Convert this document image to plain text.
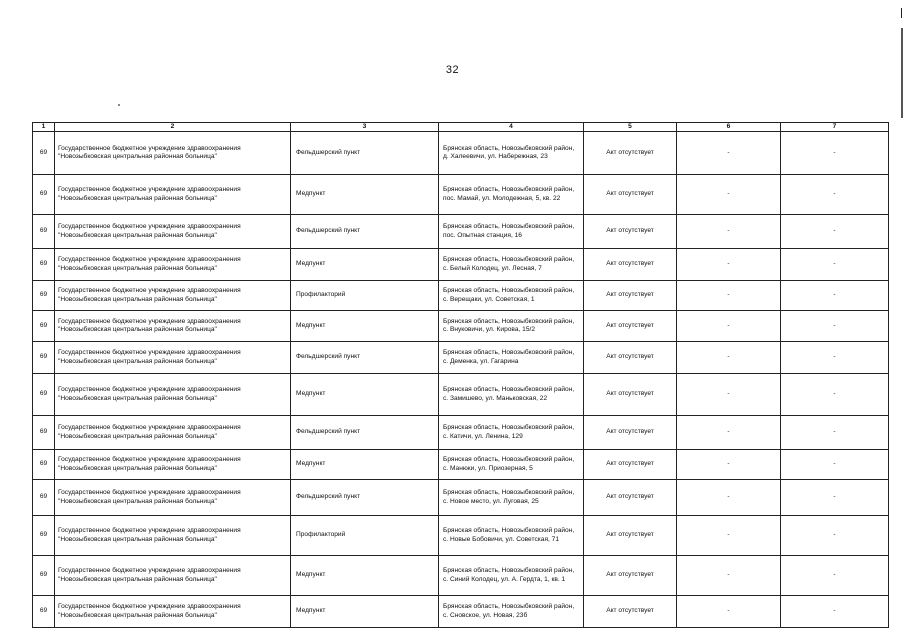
32
1	2	3	4	5	6	7
69	Государственное бюджетное учреждение здравоохранения "Новозыбковская центральная районная больница"	Фельдшерский пункт	Брянская область, Новозыбковский район, д. Халеевичи, ул. Набережная, 23	Акт отсутствует	-	-
69	Государственное бюджетное учреждение здравоохранения "Новозыбковская центральная районная больница"	Медпункт	Брянская область, Новозыбковский район, пос. Мамай, ул. Молодежная, 5, кв. 22	Акт отсутствует	-	-
69	Государственное бюджетное учреждение здравоохранения "Новозыбковская центральная районная больница"	Фельдшерский пункт	Брянская область, Новозыбковский район, пос. Опытная станция, 16	Акт отсутствует	-	-
69	Государственное бюджетное учреждение здравоохранения "Новозыбковская центральная районная больница"	Медпункт	Брянская область, Новозыбковский район, с. Белый Колодец, ул. Лесная, 7	Акт отсутствует	-	-
69	Государственное бюджетное учреждение здравоохранения "Новозыбковская центральная районная больница"	Профилакторий	Брянская область, Новозыбковский район, с. Верещаки, ул. Советская, 1	Акт отсутствует	-	-
69	Государственное бюджетное учреждение здравоохранения "Новозыбковская центральная районная больница"	Медпункт	Брянская область, Новозыбковский район, с. Внуковичи, ул. Кирова, 15/2	Акт отсутствует	-	-
69	Государственное бюджетное учреждение здравоохранения "Новозыбковская центральная районная больница"	Фельдшерский пункт	Брянская область, Новозыбковский район, с. Деменка, ул. Гагарина	Акт отсутствует	-	-
69	Государственное бюджетное учреждение здравоохранения "Новозыбковская центральная районная больница"	Медпункт	Брянская область, Новозыбковский район, с. Замишево, ул. Маньковская, 22	Акт отсутствует	-	-
69	Государственное бюджетное учреждение здравоохранения "Новозыбковская центральная районная больница"	Фельдшерский пункт	Брянская область, Новозыбковский район, с. Катичи, ул. Ленина, 129	Акт отсутствует	-	-
69	Государственное бюджетное учреждение здравоохранения "Новозыбковская центральная районная больница"	Медпункт	Брянская область, Новозыбковский район, с. Манюки, ул. Приозерная, 5	Акт отсутствует	-	-
69	Государственное бюджетное учреждение здравоохранения "Новозыбковская центральная районная больница"	Фельдшерский пункт	Брянская область, Новозыбковский район, с. Новое место, ул. Луговая, 25	Акт отсутствует	-	-
69	Государственное бюджетное учреждение здравоохранения "Новозыбковская центральная районная больница"	Профилакторий	Брянская область, Новозыбковский район, с. Новые Бобовичи, ул. Советская, 71	Акт отсутствует	-	-
69	Государственное бюджетное учреждение здравоохранения "Новозыбковская центральная районная больница"	Медпункт	Брянская область, Новозыбковский район, с. Синий Колодец, ул. А. Гердта, 1, кв. 1	Акт отсутствует	-	-
69	Государственное бюджетное учреждение здравоохранения "Новозыбковская центральная районная больница"	Медпункт	Брянская область, Новозыбковский район, с. Сновское, ул. Новая, 23б	Акт отсутствует	-	-
